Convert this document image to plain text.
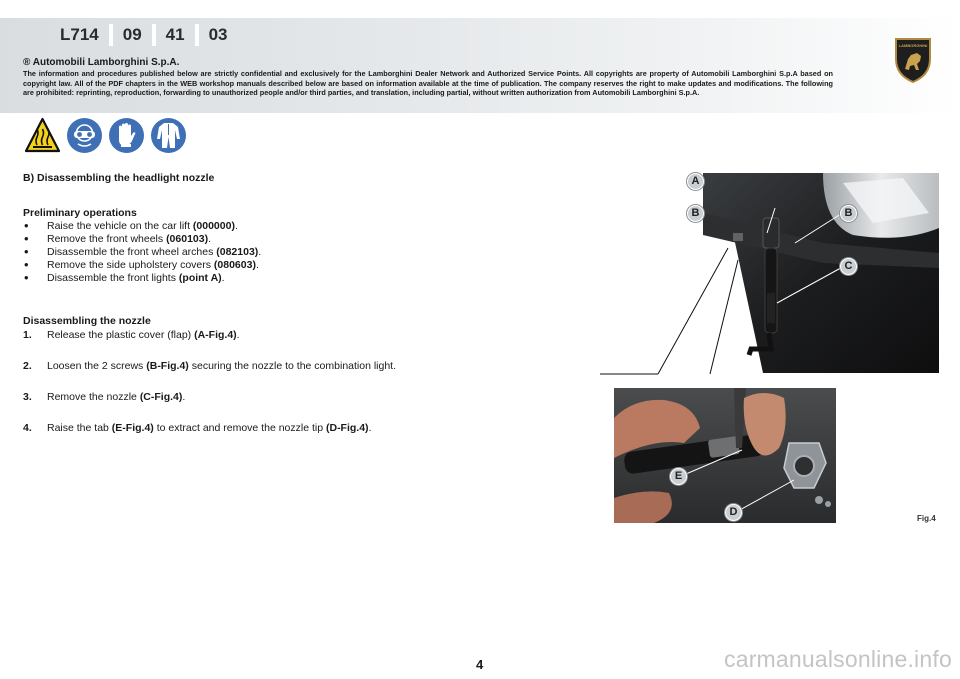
L714 09 41 03
LAMBORGHINI
® Automobili Lamborghini S.p.A.
The information and procedures published below are strictly confidential and exclusively for the Lamborghini Dealer Network and Authorized Service Points. All copyrights are property of Automobili Lamborghini S.p.A based on copyright law. All of the PDF chapters in the WEB workshop manuals described below are based on information available at the time of publication. The company reserves the right to make updates and modifications. The following are prohibited: reprinting, reproduction, forwarding to unauthorized people and/or third parties, and translation, including partial, without written authorization from Automobili Lamborghini S.p.A.
B) Disassembling the headlight nozzle
Preliminary operations
• Raise the vehicle on the car lift (000000).
• Remove the front wheels (060103).
• Disassemble the front wheel arches (082103).
• Remove the side upholstery covers (080603).
• Disassemble the front lights (point A).
Disassembling the nozzle
1.	Release the plastic cover (flap) (A-Fig.4).
2.	Loosen the 2 screws (B-Fig.4) securing the nozzle to the combination light.
3.	Remove the nozzle (C-Fig.4).
4.	Raise the tab (E-Fig.4) to extract and remove the nozzle tip (D-Fig.4).
A
B	B
C
E
D
Fig.4
4	carmanualsonline.info
